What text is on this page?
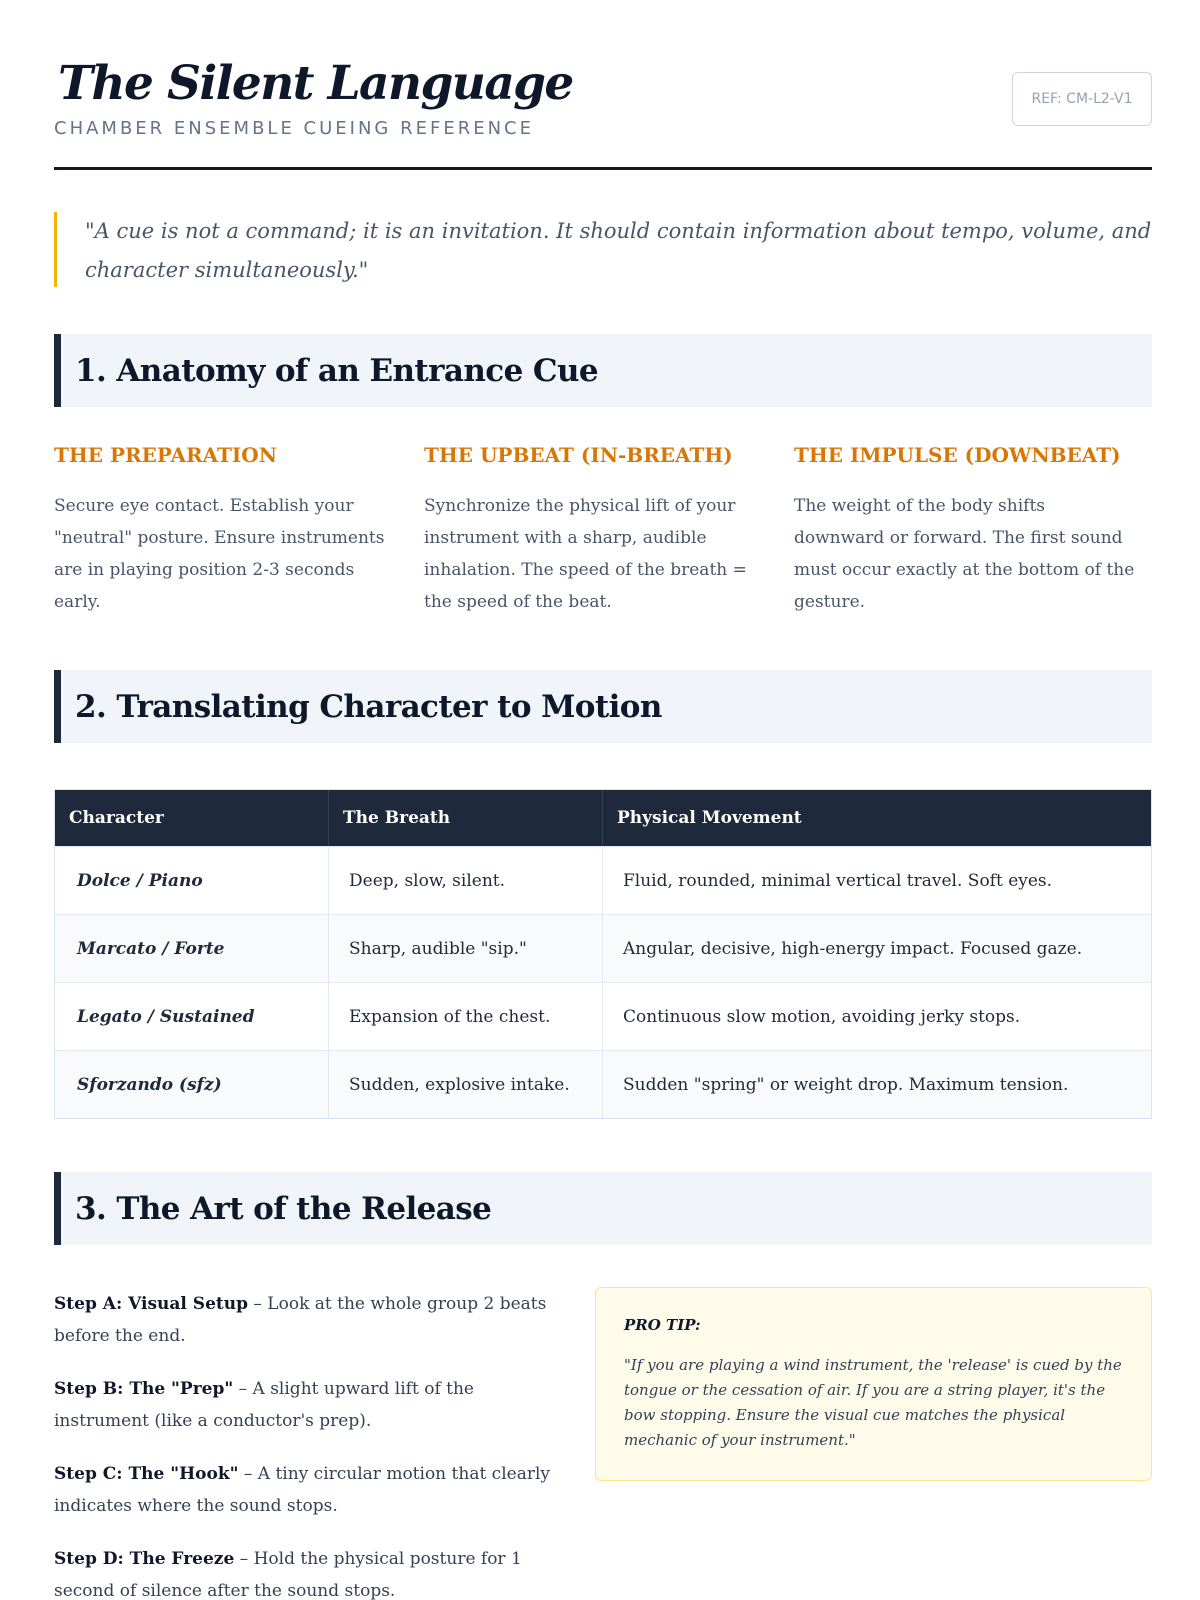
The Silent Language
CHAMBER ENSEMBLE CUEING REFERENCE
REF: CM-L2-V1
"A cue is not a command; it is an invitation. It should contain information about tempo, volume, and character simultaneously."
1. Anatomy of an Entrance Cue
THE PREPARATION
Secure eye contact. Establish your "neutral" posture. Ensure instruments are in playing position 2-3 seconds early.
THE UPBEAT (IN-BREATH)
Synchronize the physical lift of your instrument with a sharp, audible inhalation. The speed of the breath = the speed of the beat.
THE IMPULSE (DOWNBEAT)
The weight of the body shifts downward or forward. The first sound must occur exactly at the bottom of the gesture.
2. Translating Character to Motion
Character	The Breath	Physical Movement
Dolce / Piano	Deep, slow, silent.	Fluid, rounded, minimal vertical travel. Soft eyes.
Marcato / Forte	Sharp, audible "sip."	Angular, decisive, high-energy impact. Focused gaze.
Legato / Sustained	Expansion of the chest.	Continuous slow motion, avoiding jerky stops.
Sforzando (sfz)	Sudden, explosive intake.	Sudden "spring" or weight drop. Maximum tension.
3. The Art of the Release

Step A: Visual Setup – Look at the whole group 2 beats before the end.

Step B: The "Prep" – A slight upward lift of the instrument (like a conductor's prep).

Step C: The "Hook" – A tiny circular motion that clearly indicates where the sound stops.

Step D: The Freeze – Hold the physical posture for 1 second of silence after the sound stops.

PRO TIP:
"If you are playing a wind instrument, the 'release' is cued by the tongue or the cessation of air. If you are a string player, it's the bow stopping. Ensure the visual cue matches the physical mechanic of your instrument."
